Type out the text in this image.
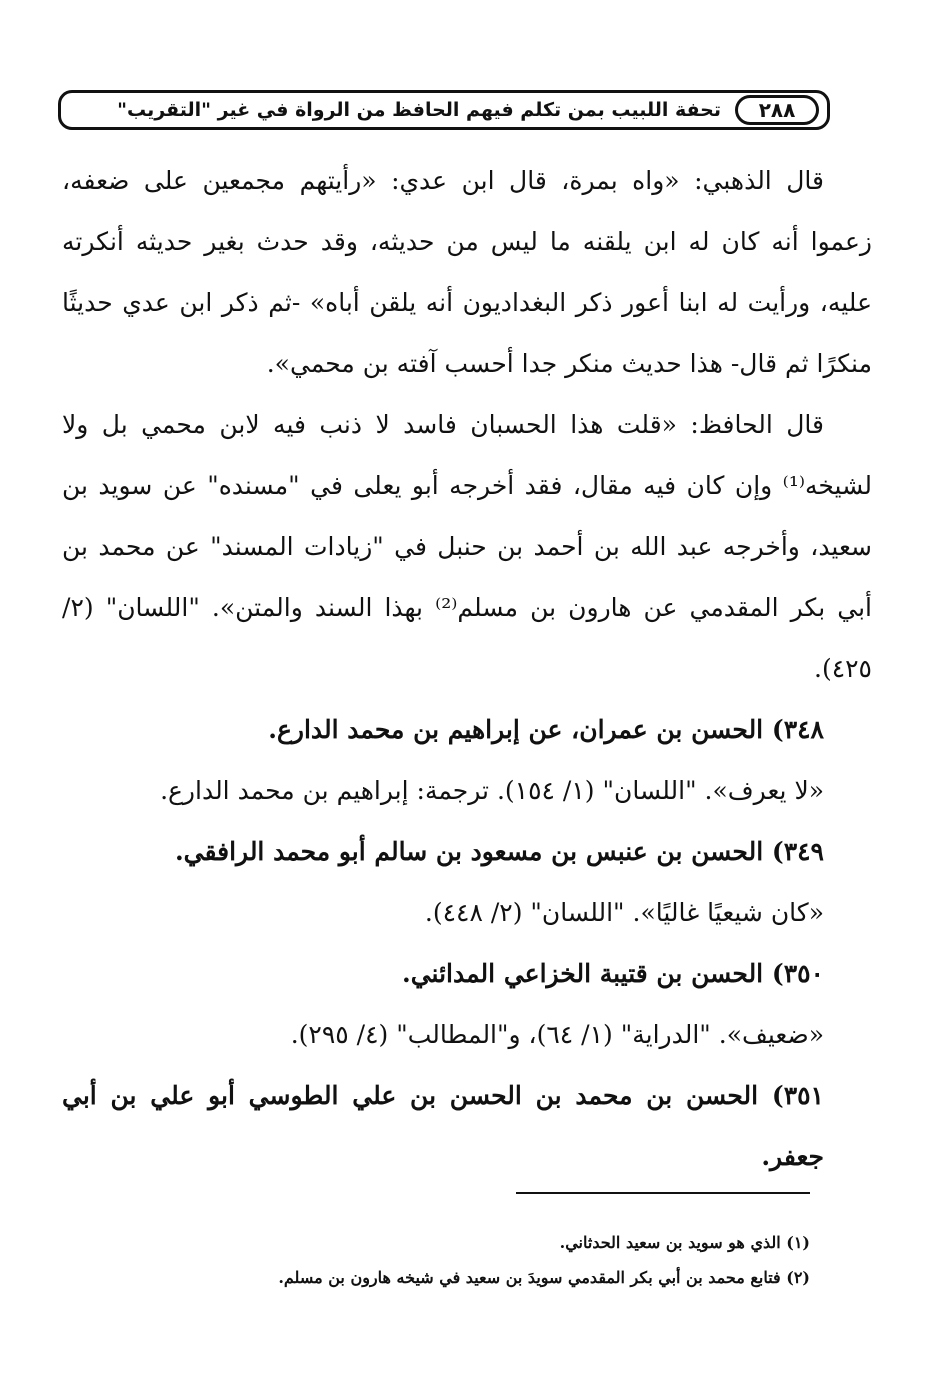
٢٨٨
تحفة اللبيب بمن تكلم فيهم الحافظ من الرواة في غير "التقريب"

قال الذهبي: «واه بمرة، قال ابن عدي: «رأيتهم مجمعين على ضعفه، زعموا أنه كان له ابن يلقنه ما ليس من حديثه، وقد حدث بغير حديثه أنكرته عليه، ورأيت له ابنا أعور ذكر البغداديون أنه يلقن أباه» -ثم ذكر ابن عدي حديثًا منكرًا ثم قال- هذا حديث منكر جدا أحسب آفته بن محمي».

قال الحافظ: «قلت هذا الحسبان فاسد لا ذنب فيه لابن محمي بل ولا لشيخه⁽¹⁾ وإن كان فيه مقال، فقد أخرجه أبو يعلى في "مسنده" عن سويد بن سعيد، وأخرجه عبد الله بن أحمد بن حنبل في "زيادات المسند" عن محمد بن أبي بكر المقدمي عن هارون بن مسلم⁽²⁾ بهذا السند والمتن». "اللسان" (٢/ ٤٢٥).

٣٤٨) الحسن بن عمران، عن إبراهيم بن محمد الدارع.

«لا يعرف». "اللسان" (١/ ١٥٤). ترجمة: إبراهيم بن محمد الدارع.

٣٤٩) الحسن بن عنبس بن مسعود بن سالم أبو محمد الرافقي.

«كان شيعيًا غاليًا». "اللسان" (٢/ ٤٤٨).

٣٥٠) الحسن بن قتيبة الخزاعي المدائني.

«ضعيف». "الدراية" (١/ ٦٤)، و"المطالب" (٤/ ٢٩٥).

٣٥١) الحسن بن محمد بن الحسن بن علي الطوسي أبو علي بن أبي جعفر.

(١) الذي هو سويد بن سعيد الحدثاني.

(٢) فتابع محمد بن أبي بكر المقدمي سويدَ بن سعيد في شيخه هارون بن مسلم.
